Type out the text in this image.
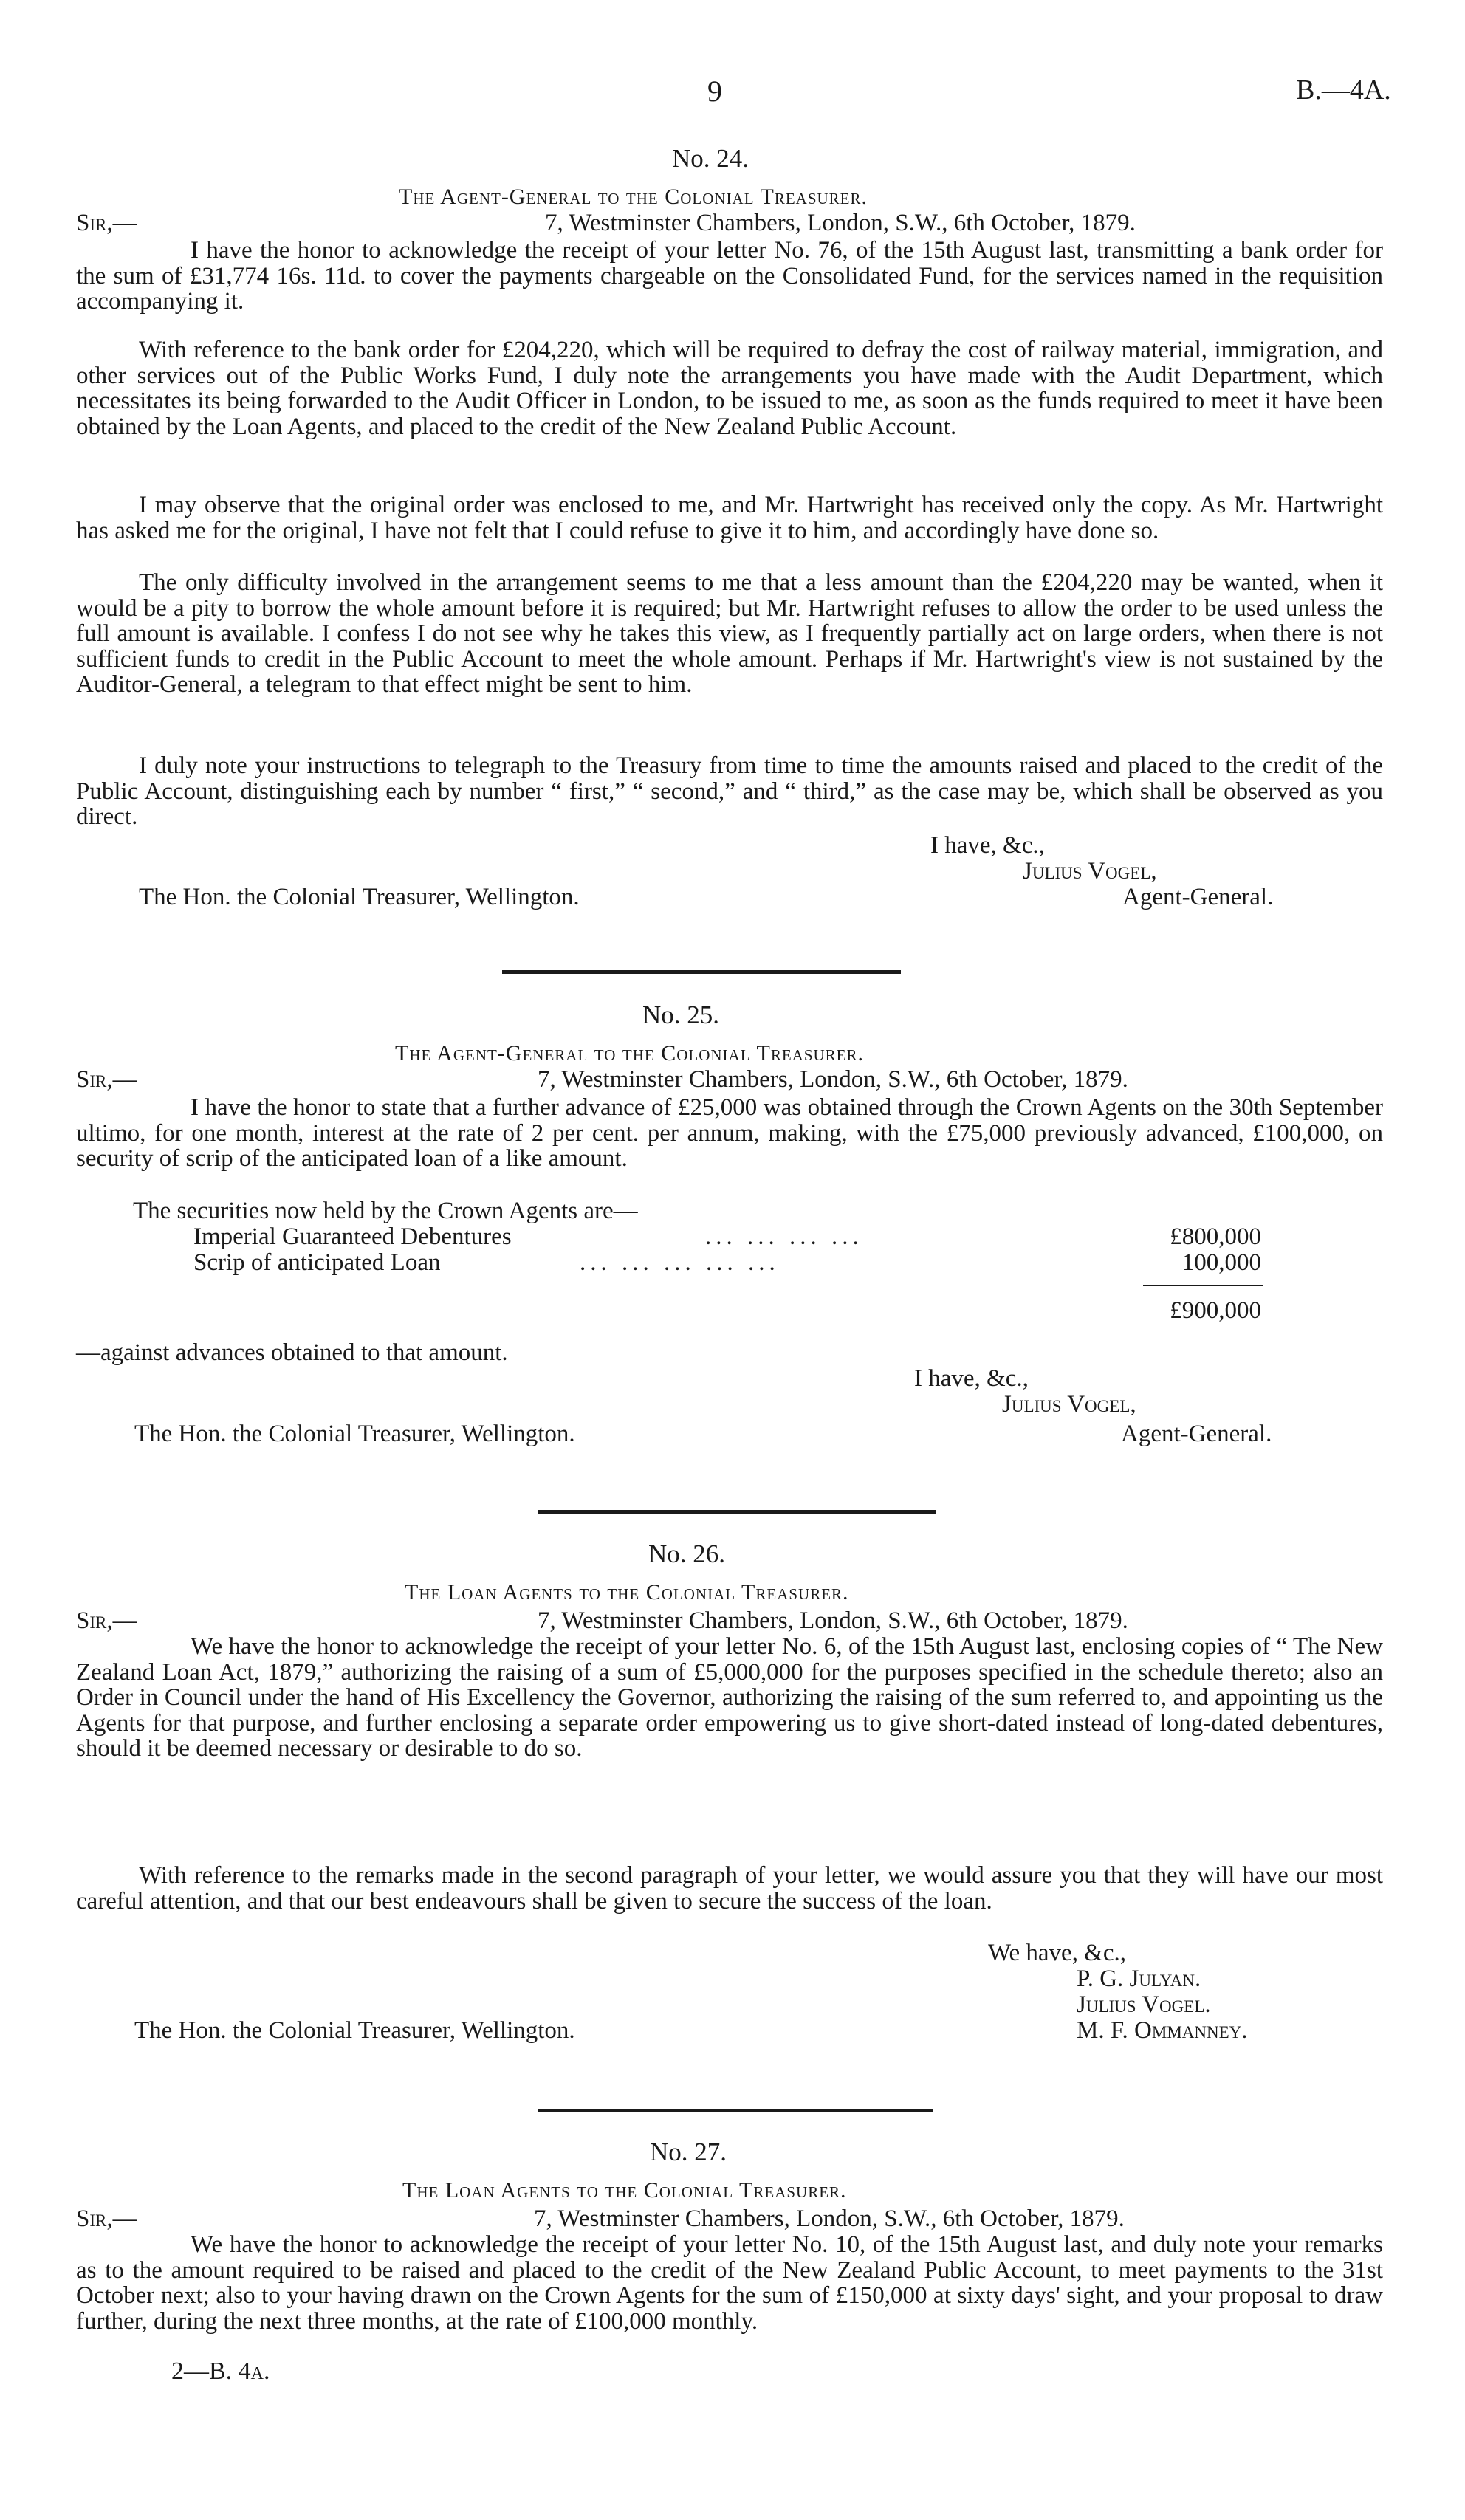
9	B.—4A.
No. 24.
The Agent-General to the Colonial Treasurer.
Sir,—	7, Westminster Chambers, London, S.W., 6th October, 1879.
I have the honor to acknowledge the receipt of your letter No. 76, of the 15th August last, transmitting a bank order for the sum of £31,774 16s. 11d. to cover the payments chargeable on the Consolidated Fund, for the services named in the requisition accompanying it.
With reference to the bank order for £204,220, which will be required to defray the cost of railway material, immigration, and other services out of the Public Works Fund, I duly note the arrangements you have made with the Audit Department, which necessitates its being forwarded to the Audit Officer in London, to be issued to me, as soon as the funds required to meet it have been obtained by the Loan Agents, and placed to the credit of the New Zealand Public Account.
I may observe that the original order was enclosed to me, and Mr. Hartwright has received only the copy. As Mr. Hartwright has asked me for the original, I have not felt that I could refuse to give it to him, and accordingly have done so.
The only difficulty involved in the arrangement seems to me that a less amount than the £204,220 may be wanted, when it would be a pity to borrow the whole amount before it is required; but Mr. Hartwright refuses to allow the order to be used unless the full amount is available. I confess I do not see why he takes this view, as I frequently partially act on large orders, when there is not sufficient funds to credit in the Public Account to meet the whole amount. Perhaps if Mr. Hartwright's view is not sustained by the Auditor-General, a telegram to that effect might be sent to him.
I duly note your instructions to telegraph to the Treasury from time to time the amounts raised and placed to the credit of the Public Account, distinguishing each by number “ first,” “ second,” and “ third,” as the case may be, which shall be observed as you direct.
I have, &c.,
Julius Vogel,
The Hon. the Colonial Treasurer, Wellington.	Agent-General.
No. 25.
The Agent-General to the Colonial Treasurer.
Sir,—	7, Westminster Chambers, London, S.W., 6th October, 1879.
I have the honor to state that a further advance of £25,000 was obtained through the Crown Agents on the 30th September ultimo, for one month, interest at the rate of 2 per cent. per annum, making, with the £75,000 previously advanced, £100,000, on security of scrip of the anticipated loan of a like amount.
The securities now held by the Crown Agents are—
Imperial Guaranteed Debentures	... ... ... ...	£800,000
Scrip of anticipated Loan	... ... ... ... ...	100,000
£900,000
—against advances obtained to that amount.
I have, &c.,
Julius Vogel,
The Hon. the Colonial Treasurer, Wellington.	Agent-General.
No. 26.
The Loan Agents to the Colonial Treasurer.
Sir,—	7, Westminster Chambers, London, S.W., 6th October, 1879.
We have the honor to acknowledge the receipt of your letter No. 6, of the 15th August last, enclosing copies of “ The New Zealand Loan Act, 1879,” authorizing the raising of a sum of £5,000,000 for the purposes specified in the schedule thereto; also an Order in Council under the hand of His Excellency the Governor, authorizing the raising of the sum referred to, and appointing us the Agents for that purpose, and further enclosing a separate order empowering us to give short-dated instead of long-dated debentures, should it be deemed necessary or desirable to do so.
With reference to the remarks made in the second paragraph of your letter, we would assure you that they will have our most careful attention, and that our best endeavours shall be given to secure the success of the loan.
We have, &c.,
P. G. Julyan.
Julius Vogel.
The Hon. the Colonial Treasurer, Wellington.	M. F. Ommanney.
No. 27.
The Loan Agents to the Colonial Treasurer.
Sir,—	7, Westminster Chambers, London, S.W., 6th October, 1879.
We have the honor to acknowledge the receipt of your letter No. 10, of the 15th August last, and duly note your remarks as to the amount required to be raised and placed to the credit of the New Zealand Public Account, to meet payments to the 31st October next; also to your having drawn on the Crown Agents for the sum of £150,000 at sixty days' sight, and your proposal to draw further, during the next three months, at the rate of £100,000 monthly.
2—B. 4a.
